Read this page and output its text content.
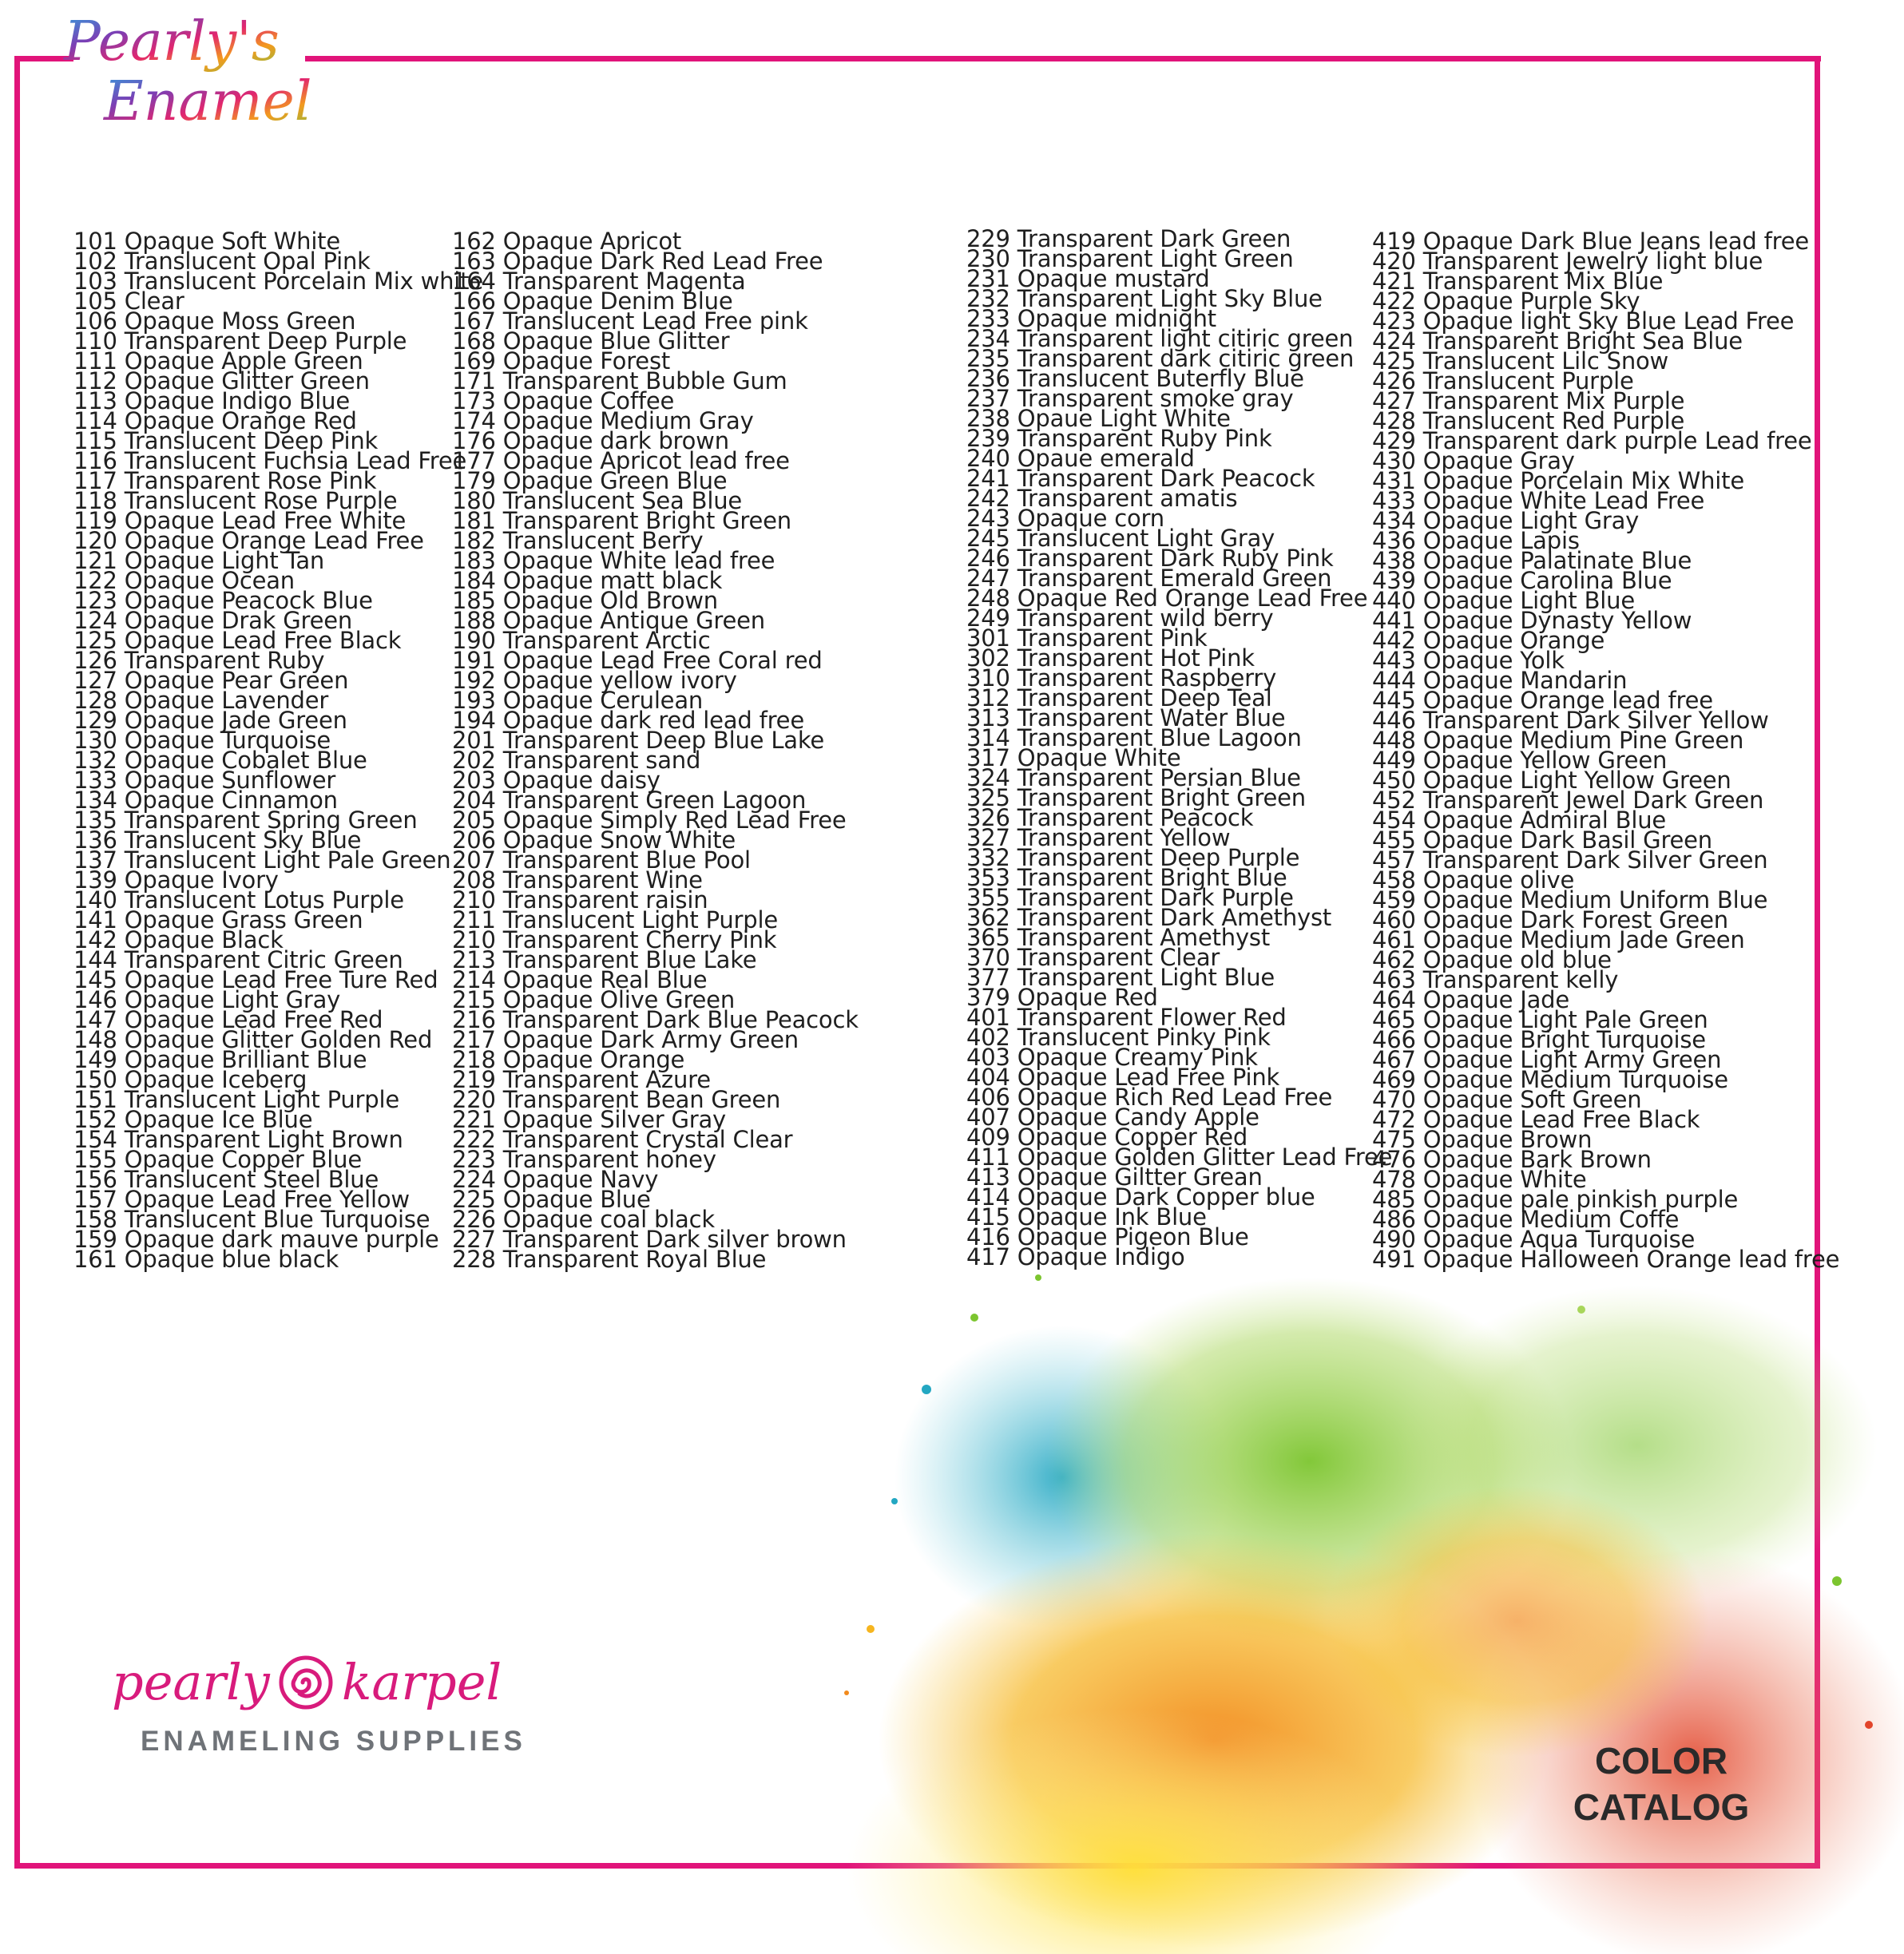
Pearly's
Enamel
101 Opaque Soft White
102 Translucent Opal Pink
103 Translucent Porcelain Mix white
105 Clear
106 Opaque Moss Green
110 Transparent Deep Purple
111 Opaque Apple Green
112 Opaque Glitter Green
113 Opaque Indigo Blue
114 Opaque Orange Red
115 Translucent Deep Pink
116 Translucent Fuchsia Lead Free
117 Transparent Rose Pink
118 Translucent Rose Purple
119 Opaque Lead Free White
120 Opaque Orange Lead Free
121 Opaque Light Tan
122 Opaque Ocean
123 Opaque Peacock Blue
124 Opaque Drak Green
125 Opaque Lead Free Black
126 Transparent Ruby
127 Opaque Pear Green
128 Opaque Lavender
129 Opaque Jade Green
130 Opaque Turquoise
132 Opaque Cobalet Blue
133 Opaque Sunflower
134 Opaque Cinnamon
135 Transparent Spring Green
136 Translucent Sky Blue
137 Translucent Light Pale Green
139 Opaque Ivory
140 Translucent Lotus Purple
141 Opaque Grass Green
142 Opaque Black
144 Transparent Citric Green
145 Opaque Lead Free Ture Red
146 Opaque Light Gray
147 Opaque Lead Free Red
148 Opaque Glitter Golden Red
149 Opaque Brilliant Blue
150 Opaque Iceberg
151 Translucent Light Purple
152 Opaque Ice Blue
154 Transparent Light Brown
155 Opaque Copper Blue
156 Translucent Steel Blue
157 Opaque Lead Free Yellow
158 Translucent Blue Turquoise
159 Opaque dark mauve purple
161 Opaque blue black
162 Opaque Apricot
163 Opaque Dark Red Lead Free
164 Transparent Magenta
166 Opaque Denim Blue
167 Translucent Lead Free pink
168 Opaque Blue Glitter
169 Opaque Forest
171 Transparent Bubble Gum
173 Opaque Coffee
174 Opaque Medium Gray
176 Opaque dark brown
177 Opaque Apricot lead free
179 Opaque Green Blue
180 Translucent Sea Blue
181 Transparent Bright Green
182 Translucent Berry
183 Opaque White lead free
184 Opaque matt black
185 Opaque Old Brown
188 Opaque Antique Green
190 Transparent Arctic
191 Opaque Lead Free Coral red
192 Opaque yellow ivory
193 Opaque Cerulean
194 Opaque dark red lead free
201 Transparent Deep Blue Lake
202 Transparent sand
203 Opaque daisy
204 Transparent Green Lagoon
205 Opaque Simply Red Lead Free
206 Opaque Snow White
207 Transparent Blue Pool
208 Transparent Wine
210 Transparent raisin
211 Translucent Light Purple
210 Transparent Cherry Pink
213 Transparent Blue Lake
214 Opaque Real Blue
215 Opaque Olive Green
216 Transparent Dark Blue Peacock
217 Opaque Dark Army Green
218 Opaque Orange
219 Transparent Azure
220 Transparent Bean Green
221 Opaque Silver Gray
222 Transparent Crystal Clear
223 Transparent honey
224 Opaque Navy
225 Opaque Blue
226 Opaque coal black
227 Transparent Dark silver brown
228 Transparent Royal Blue
229 Transparent Dark Green
230 Transparent Light Green
231 Opaque mustard
232 Transparent Light Sky Blue
233 Opaque midnight
234 Transparent light citiric green
235 Transparent dark citiric green
236 Translucent Buterfly Blue
237 Transparent smoke gray
238 Opaue Light White
239 Transparent Ruby Pink
240 Opaue emerald
241 Transparent Dark Peacock
242 Transparent amatis
243 Opaque corn
245 Translucent Light Gray
246 Transparent Dark Ruby Pink
247 Transparent Emerald Green
248 Opaque Red Orange Lead Free
249 Transparent wild berry
301 Transparent Pink
302 Transparent Hot Pink
310 Transparent Raspberry
312 Transparent Deep Teal
313 Transparent Water Blue
314 Transparent Blue Lagoon
317 Opaque White
324 Transparent Persian Blue
325 Transparent Bright Green
326 Transparent Peacock
327 Transparent Yellow
332 Transparent Deep Purple
353 Transparent Bright Blue
355 Transparent Dark Purple
362 Transparent Dark Amethyst
365 Transparent Amethyst
370 Transparent Clear
377 Transparent Light Blue
379 Opaque Red
401 Transparent Flower Red
402 Translucent Pinky Pink
403 Opaque Creamy Pink
404 Opaque Lead Free Pink
406 Opaque Rich Red Lead Free
407 Opaque Candy Apple
409 Opaque Copper Red
411 Opaque Golden Glitter Lead Free
413 Opaque Giltter Grean
414 Opaque Dark Copper blue
415 Opaque Ink Blue
416 Opaque Pigeon Blue
417 Opaque Indigo
419 Opaque Dark Blue Jeans lead free
420 Transparent Jewelry light blue
421 Transparent Mix Blue
422 Opaque Purple Sky
423 Opaque light Sky Blue Lead Free
424 Transparent Bright Sea Blue
425 Translucent Lilc Snow
426 Translucent Purple
427 Transparent Mix Purple
428 Translucent Red Purple
429 Transparent dark purple Lead free
430 Opaque Gray
431 Opaque Porcelain Mix White
433 Opaque White Lead Free
434 Opaque Light Gray
436 Opaque Lapis
438 Opaque Palatinate Blue
439 Opaque Carolina Blue
440 Opaque Light Blue
441 Opaque Dynasty Yellow
442 Opaque Orange
443 Opaque Yolk
444 Opaque Mandarin
445 Opaque Orange lead free
446 Transparent Dark Silver Yellow
448 Opaque Medium Pine Green
449 Opaque Yellow Green
450 Opaque Light Yellow Green
452 Transparent Jewel Dark Green
454 Opaque Admiral Blue
455 Opaque Dark Basil Green
457 Transparent Dark Silver Green
458 Opaque olive
459 Opaque Medium Uniform Blue
460 Opaque Dark Forest Green
461 Opaque Medium Jade Green
462 Opaque old blue
463 Transparent kelly
464 Opaque Jade
465 Opaque Light Pale Green
466 Opaque Bright Turquoise
467 Opaque Light Army Green
469 Opaque Medium Turquoise
470 Opaque Soft Green
472 Opaque Lead Free Black
475 Opaque Brown
476 Opaque Bark Brown
478 Opaque White
485 Opaque pale pinkish purple
486 Opaque Medium Coffe
490 Opaque Aqua Turquoise
491 Opaque Halloween Orange lead free
pearly karpel
ENAMELING SUPPLIES	COLOR
CATALOG
